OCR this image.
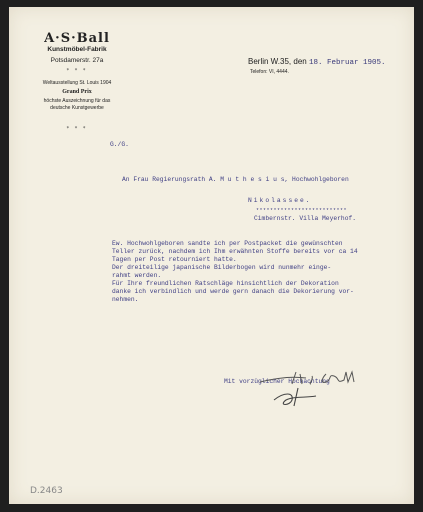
A·S·Ball
Kunstmöbel-Fabrik
Potsdamerstr. 27a
* * *
Weltausstellung St. Louis 1904
Grand Prix
höchste Auszeichnung für das
deutsche Kunstgewerbe
* * *
Berlin W.35, den 18. Februar 1905.
Telefon: VI, 4444.
G./G.
An Frau Regierungsrath A. M u t h e s i u s, Hochwohlgeboren
Nikolassee.
**************************
Cimbernstr. Villa Meyerhof.
Ew. Hochwohlgeboren sandte ich per Postpacket die gewünschten
Teller zurück, nachdem ich Ihm erwähnten Stoffe bereits vor ca 14
Tagen per Post retourniert hatte.
Der dreiteilige japanische Bilderbogen wird nunmehr einge-
rahmt werden.
Für Ihre freundlichen Ratschläge hinsichtlich der Dekoration
danke ich verbindlich und werde gern danach die Dekorierung vor-
nehmen.
Mit vorzüglicher Hochachtung
D.2463
